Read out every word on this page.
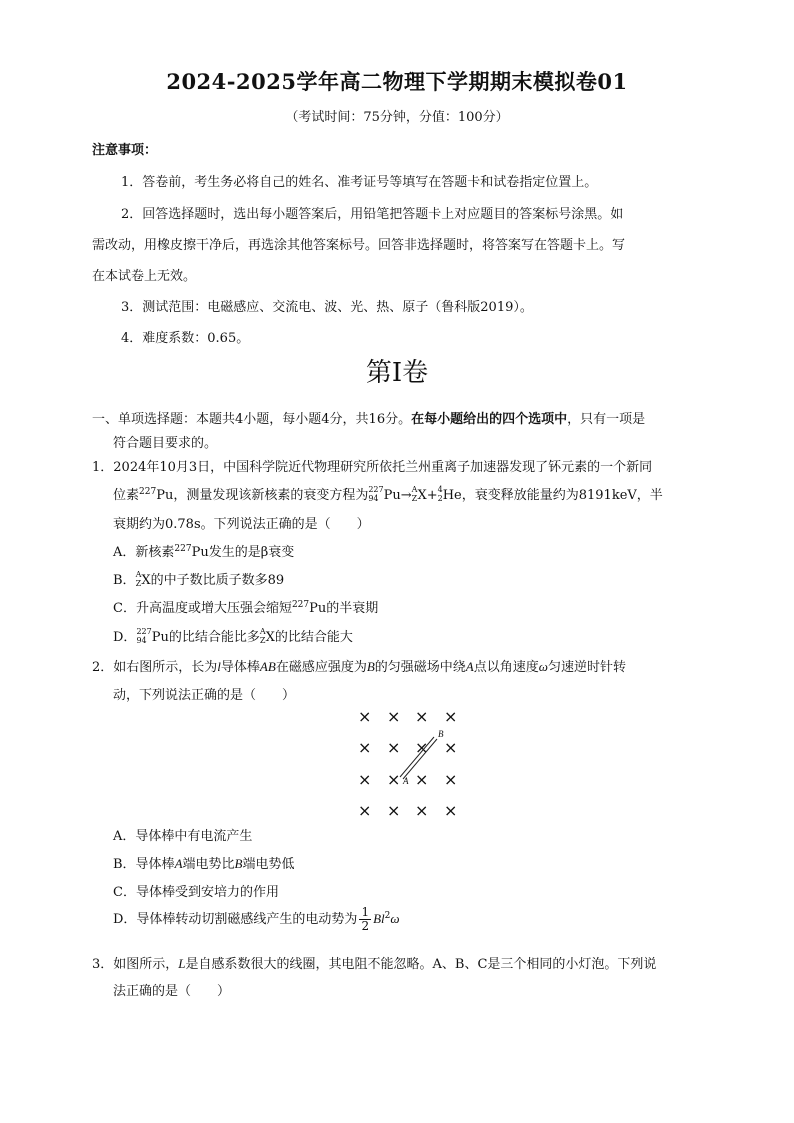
2024-2025学年高二物理下学期期末模拟卷01
（考试时间：75分钟，分值：100分）
注意事项：
1．答卷前，考生务必将自己的姓名、准考证号等填写在答题卡和试卷指定位置上。
2．回答选择题时，选出每小题答案后，用铅笔把答题卡上对应题目的答案标号涂黑。如
需改动，用橡皮擦干净后，再选涂其他答案标号。回答非选择题时，将答案写在答题卡上。写
在本试卷上无效。
3．测试范围：电磁感应、交流电、波、光、热、原子（鲁科版2019）。
4．难度系数：0.65。
第Ⅰ卷
一、单项选择题：本题共4小题，每小题4分，共16分。在每小题给出的四个选项中，只有一项是
符合题目要求的。
1．2024年10月3日，中国科学院近代物理研究所依托兰州重离子加速器发现了钚元素的一个新同
位素$^{227}$Pu，测量发现该新核素的衰变方程为 227
94 Pu→ A
Z X+ 4
2 He，衰变释放能量约为8191keV，半
衰期约为0.78s。下列说法正确的是（　　）
A．新核素$^{227}$Pu发生的是β衰变
B． A
Z X的中子数比质子数多89
C．升高温度或增大压强会缩短$^{227}$Pu的半衰期
D． 227
94 Pu的比结合能比多 A
Z X的比结合能大
2．如右图所示，长为l导体棒AB在磁感应强度为B的匀强磁场中绕A点以角速度ω匀速逆时针转
动，下列说法正确的是（　　）
× × × ×
× × × ×
× × × ×
× × × ×
A
B
A．导体棒中有电流产生
B．导体棒A端电势比B端电势低
C．导体棒受到安培力的作用
D．导体棒转动切割磁感线产生的电动势为 $\frac{1}{2} Bl^2\omega$
3．如图所示，L是自感系数很大的线圈，其电阻不能忽略。A、B、C是三个相同的小灯泡。下列说
法正确的是（　　）
